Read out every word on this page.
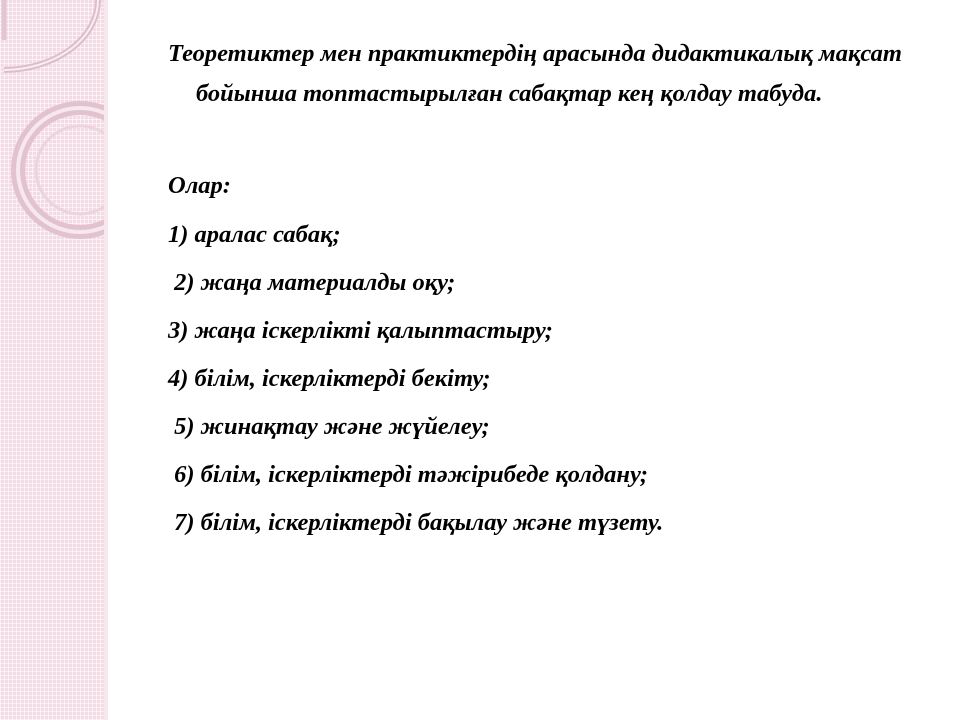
Теоретиктер мен практиктердің арасында дидактикалық мақсат бойынша топтастырылған сабақтар кең қолдау табуда.

Олар:

1) аралас сабақ;
2) жаңа материалды оқу;
3) жаңа іскерлікті қалыптастыру;
4) білім, іскерліктерді бекіту;
5) жинақтау және жүйелеу;
6) білім, іскерліктерді тәжірибеде қолдану;
7) білім, іскерліктерді бақылау және түзету.
